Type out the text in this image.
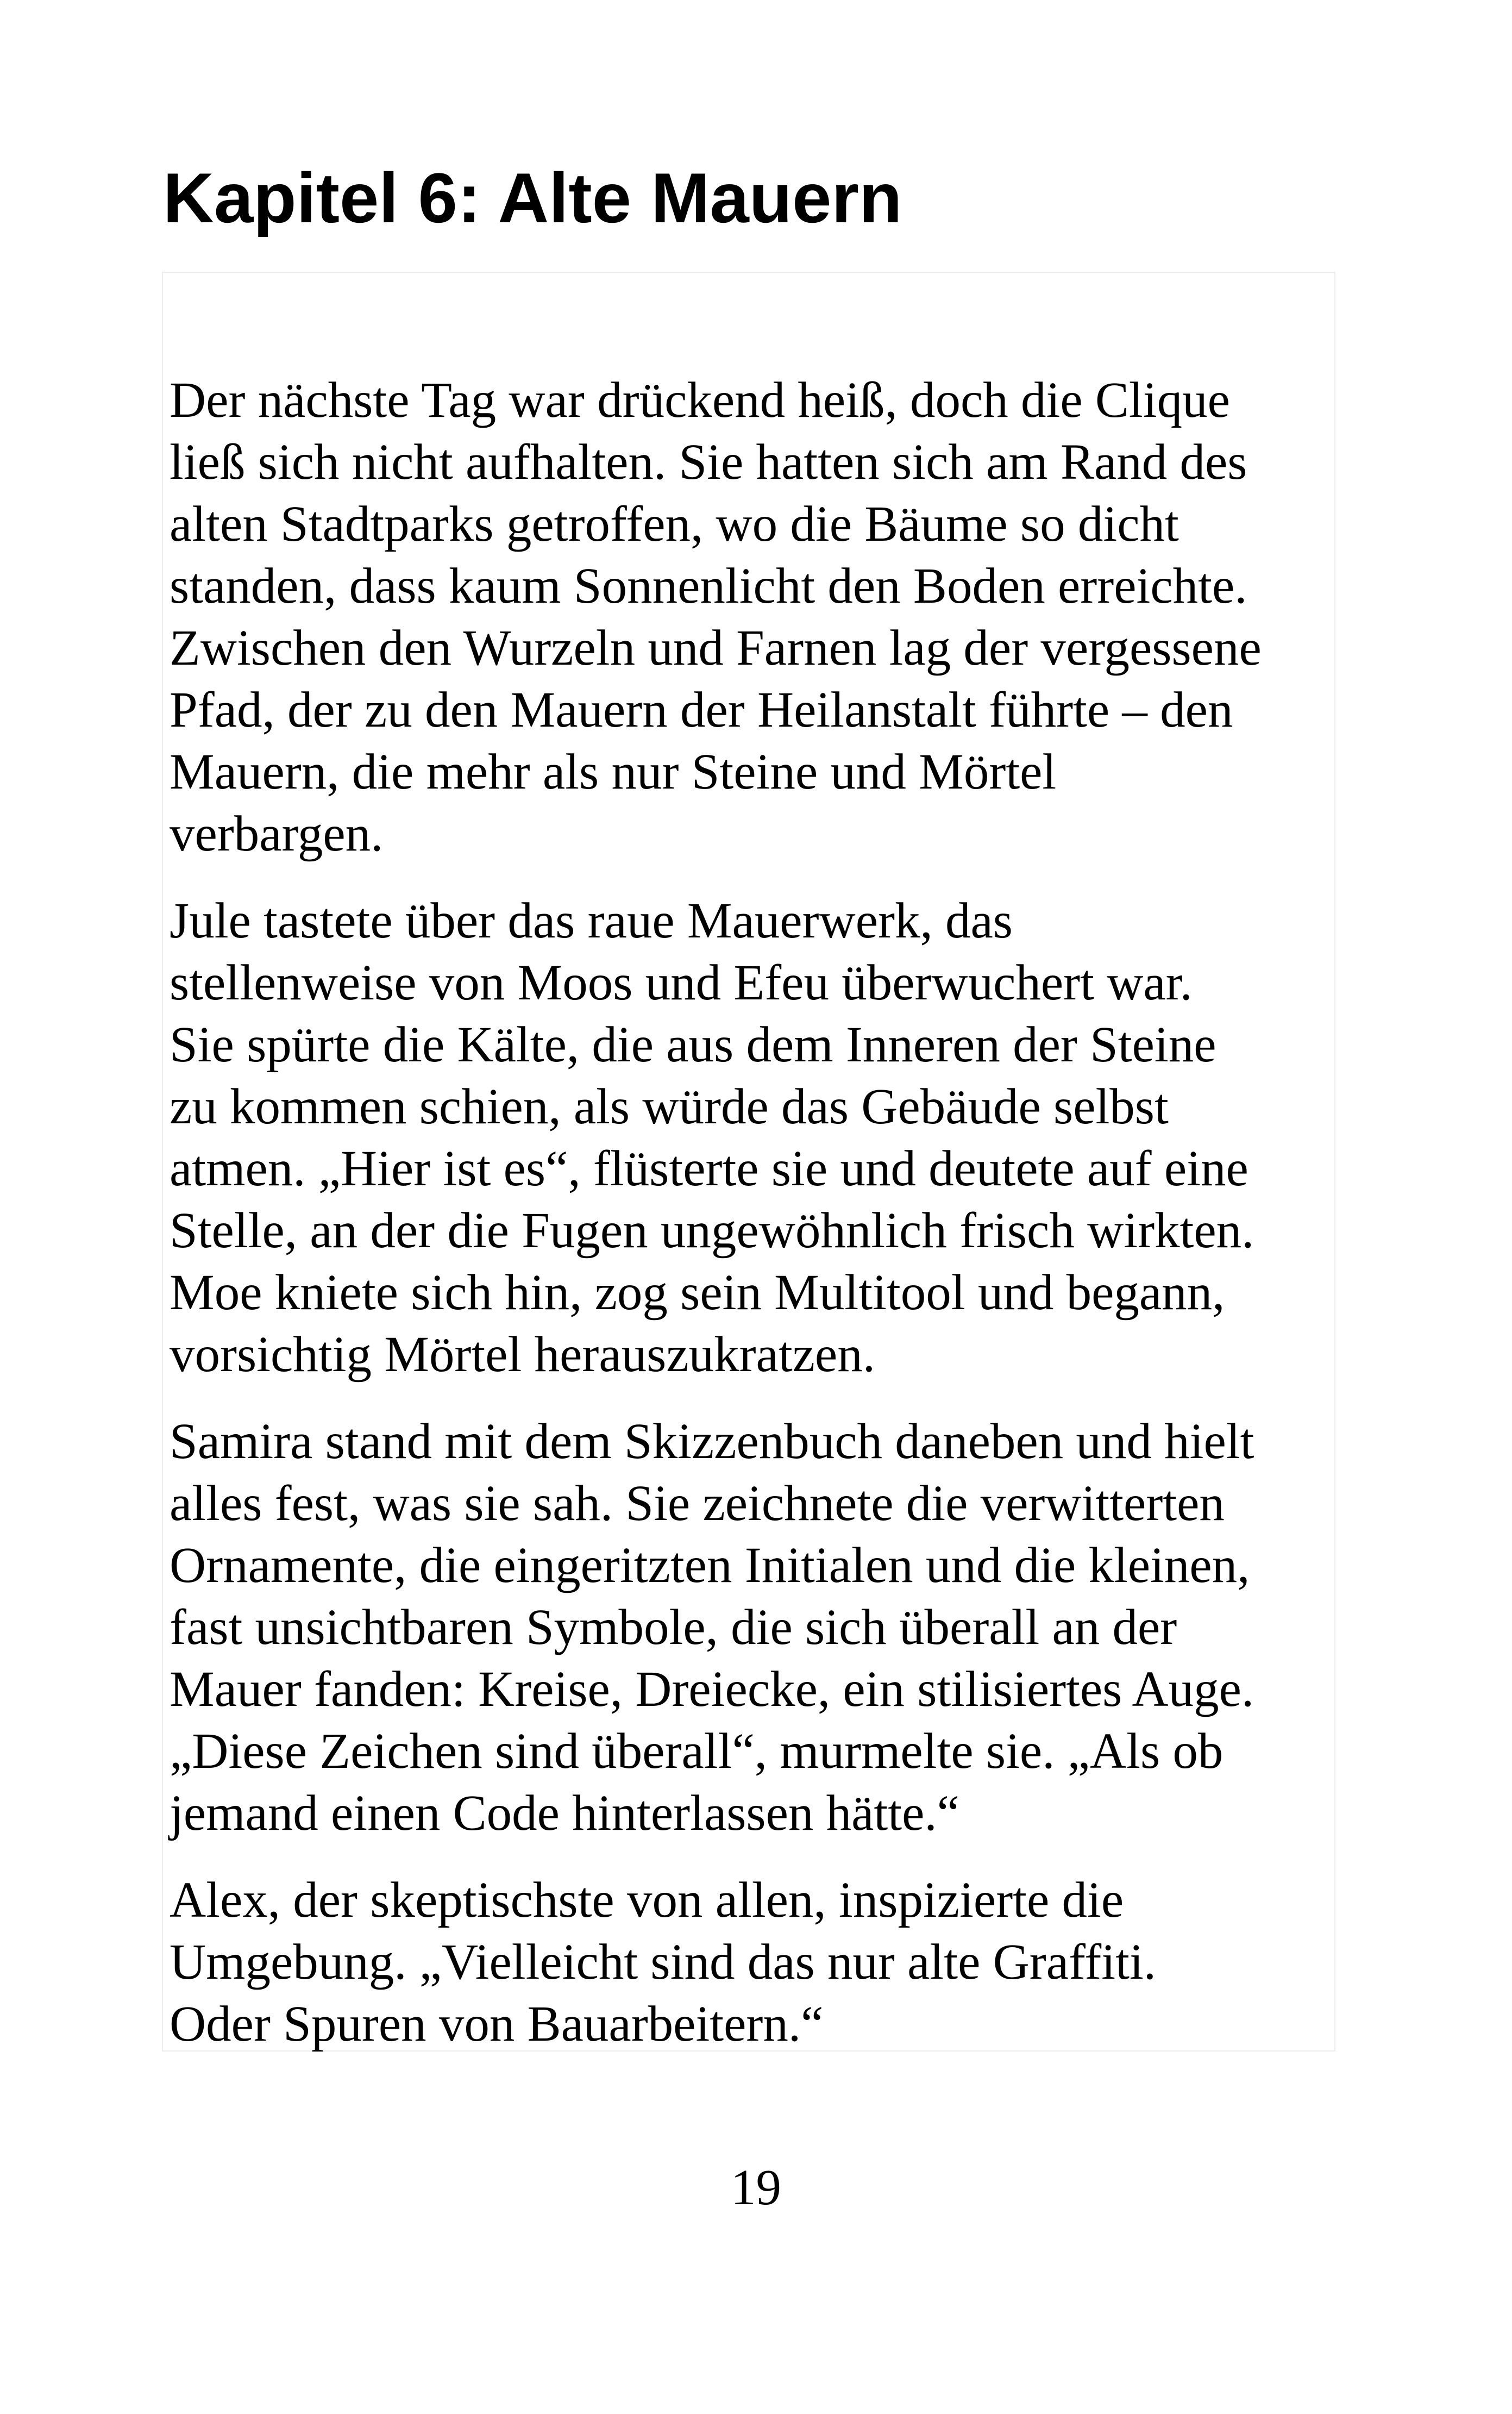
Kapitel 6: Alte Mauern

Der nächste Tag war drückend heiß, doch die Clique
ließ sich nicht aufhalten. Sie hatten sich am Rand des
alten Stadtparks getroffen, wo die Bäume so dicht
standen, dass kaum Sonnenlicht den Boden erreichte.
Zwischen den Wurzeln und Farnen lag der vergessene
Pfad, der zu den Mauern der Heilanstalt führte – den
Mauern, die mehr als nur Steine und Mörtel
verbargen.

Jule tastete über das raue Mauerwerk, das
stellenweise von Moos und Efeu überwuchert war.
Sie spürte die Kälte, die aus dem Inneren der Steine
zu kommen schien, als würde das Gebäude selbst
atmen. „Hier ist es“, flüsterte sie und deutete auf eine
Stelle, an der die Fugen ungewöhnlich frisch wirkten.
Moe kniete sich hin, zog sein Multitool und begann,
vorsichtig Mörtel herauszukratzen.

Samira stand mit dem Skizzenbuch daneben und hielt
alles fest, was sie sah. Sie zeichnete die verwitterten
Ornamente, die eingeritzten Initialen und die kleinen,
fast unsichtbaren Symbole, die sich überall an der
Mauer fanden: Kreise, Dreiecke, ein stilisiertes Auge.
„Diese Zeichen sind überall“, murmelte sie. „Als ob
jemand einen Code hinterlassen hätte.“

Alex, der skeptischste von allen, inspizierte die
Umgebung. „Vielleicht sind das nur alte Graffiti.
Oder Spuren von Bauarbeitern.“

19
